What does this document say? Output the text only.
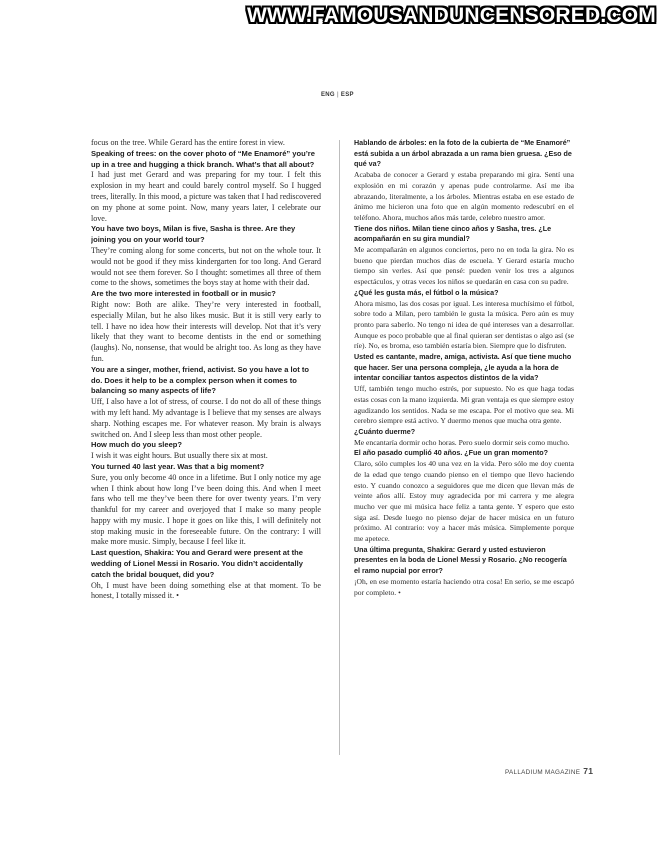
WWW.FAMOUSANDUNCENSORED.COM
ENG | ESP

focus on the tree. While Gerard has the entire forest in view.

Speaking of trees: on the cover photo of “Me Enamoré” you’re up in a tree and hugging a thick branch. What’s that all about?

I had just met Gerard and was preparing for my tour. I felt this explosion in my heart and could barely control myself. So I hugged trees, literally. In this mood, a picture was taken that I had rediscovered on my phone at some point. Now, many years later, I celebrate our love.

You have two boys, Milan is five, Sasha is three. Are they joining you on your world tour?

They’re coming along for some concerts, but not on the whole tour. It would not be good if they miss kindergarten for too long. And Gerard would not see them forever. So I thought: sometimes all three of them come to the shows, sometimes the boys stay at home with their dad.

Are the two more interested in football or in music?

Right now: Both are alike. They’re very interested in football, especially Milan, but he also likes music. But it is still very early to tell. I have no idea how their interests will develop. Not that it’s very likely that they want to become dentists in the end or something (laughs). No, nonsense, that would be alright too. As long as they have fun.

You are a singer, mother, friend, activist. So you have a lot to do. Does it help to be a complex person when it comes to balancing so many aspects of life?

Uff, I also have a lot of stress, of course. I do not do all of these things with my left hand. My advantage is I believe that my senses are always sharp. Nothing escapes me. For whatever reason. My brain is always switched on. And I sleep less than most other people.

How much do you sleep?

I wish it was eight hours. But usually there six at most.

You turned 40 last year. Was that a big moment?

Sure, you only become 40 once in a lifetime. But I only notice my age when I think about how long I’ve been doing this. And when I meet fans who tell me they’ve been there for over twenty years. I’m very thankful for my career and overjoyed that I make so many people happy with my music. I hope it goes on like this, I will definitely not stop making music in the foreseeable future. On the contrary: I will make more music. Simply, because I feel like it.

Last question, Shakira: You and Gerard were present at the wedding of Lionel Messi in Rosario. You didn’t accidentally catch the bridal bouquet, did you?

Oh, I must have been doing something else at that moment. To be honest, I totally missed it. •

Hablando de árboles: en la foto de la cubierta de “Me Enamoré” está subida a un árbol abrazada a un rama bien gruesa. ¿Eso de qué va?

Acababa de conocer a Gerard y estaba preparando mi gira. Sentí una explosión en mi corazón y apenas pude controlarme. Así me iba abrazando, literalmente, a los árboles. Mientras estaba en ese estado de ánimo me hicieron una foto que en algún momento redescubrí en el teléfono. Ahora, muchos años más tarde, celebro nuestro amor.

Tiene dos niños. Milan tiene cinco años y Sasha, tres. ¿Le acompañarán en su gira mundial?

Me acompañarán en algunos conciertos, pero no en toda la gira. No es bueno que pierdan muchos días de escuela. Y Gerard estaría mucho tiempo sin verles. Así que pensé: pueden venir los tres a algunos espectáculos, y otras veces los niños se quedarán en casa con su padre.

¿Qué les gusta más, el fútbol o la música?

Ahora mismo, las dos cosas por igual. Les interesa muchísimo el fútbol, sobre todo a Milan, pero también le gusta la música. Pero aún es muy pronto para saberlo. No tengo ni idea de qué intereses van a desarrollar. Aunque es poco probable que al final quieran ser dentistas o algo así (se ríe). No, es broma, eso también estaría bien. Siempre que lo disfruten.

Usted es cantante, madre, amiga, activista. Así que tiene mucho que hacer. Ser una persona compleja, ¿le ayuda a la hora de intentar conciliar tantos aspectos distintos de la vida?

Uff, también tengo mucho estrés, por supuesto. No es que haga todas estas cosas con la mano izquierda. Mi gran ventaja es que siempre estoy agudizando los sentidos. Nada se me escapa. Por el motivo que sea. Mi cerebro siempre está activo. Y duermo menos que mucha otra gente.

¿Cuánto duerme?

Me encantaría dormir ocho horas. Pero suelo dormir seis como mucho.

El año pasado cumplió 40 años. ¿Fue un gran momento?

Claro, sólo cumples los 40 una vez en la vida. Pero sólo me doy cuenta de la edad que tengo cuando pienso en el tiempo que llevo haciendo esto. Y cuando conozco a seguidores que me dicen que llevan más de veinte años allí. Estoy muy agradecida por mi carrera y me alegra mucho ver que mi música hace feliz a tanta gente. Y espero que esto siga así. Desde luego no pienso dejar de hacer música en un futuro próximo. Al contrario: voy a hacer más música. Simplemente porque me apetece.

Una última pregunta, Shakira: Gerard y usted estuvieron presentes en la boda de Lionel Messi y Rosario. ¿No recogería el ramo nupcial por error?

¡Oh, en ese momento estaría haciendo otra cosa! En serio, se me escapó por completo. •

PALLADIUM MAGAZINE 71
